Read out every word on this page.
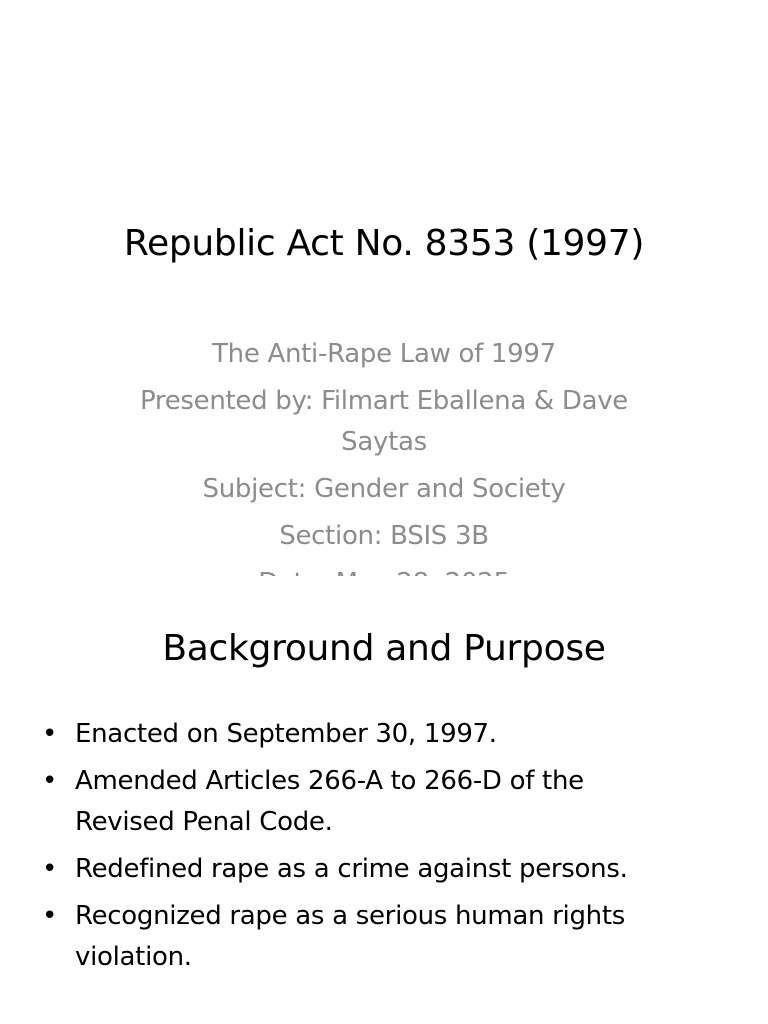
Republic Act No. 8353 (1997)
The Anti-Rape Law of 1997
Presented by: Filmart Eballena & Dave Saytas
Subject: Gender and Society
Section: BSIS 3B
Background and Purpose
• Enacted on September 30, 1997.
• Amended Articles 266-A to 266-D of the Revised Penal Code.
• Redefined rape as a crime against persons.
• Recognized rape as a serious human rights violation.
